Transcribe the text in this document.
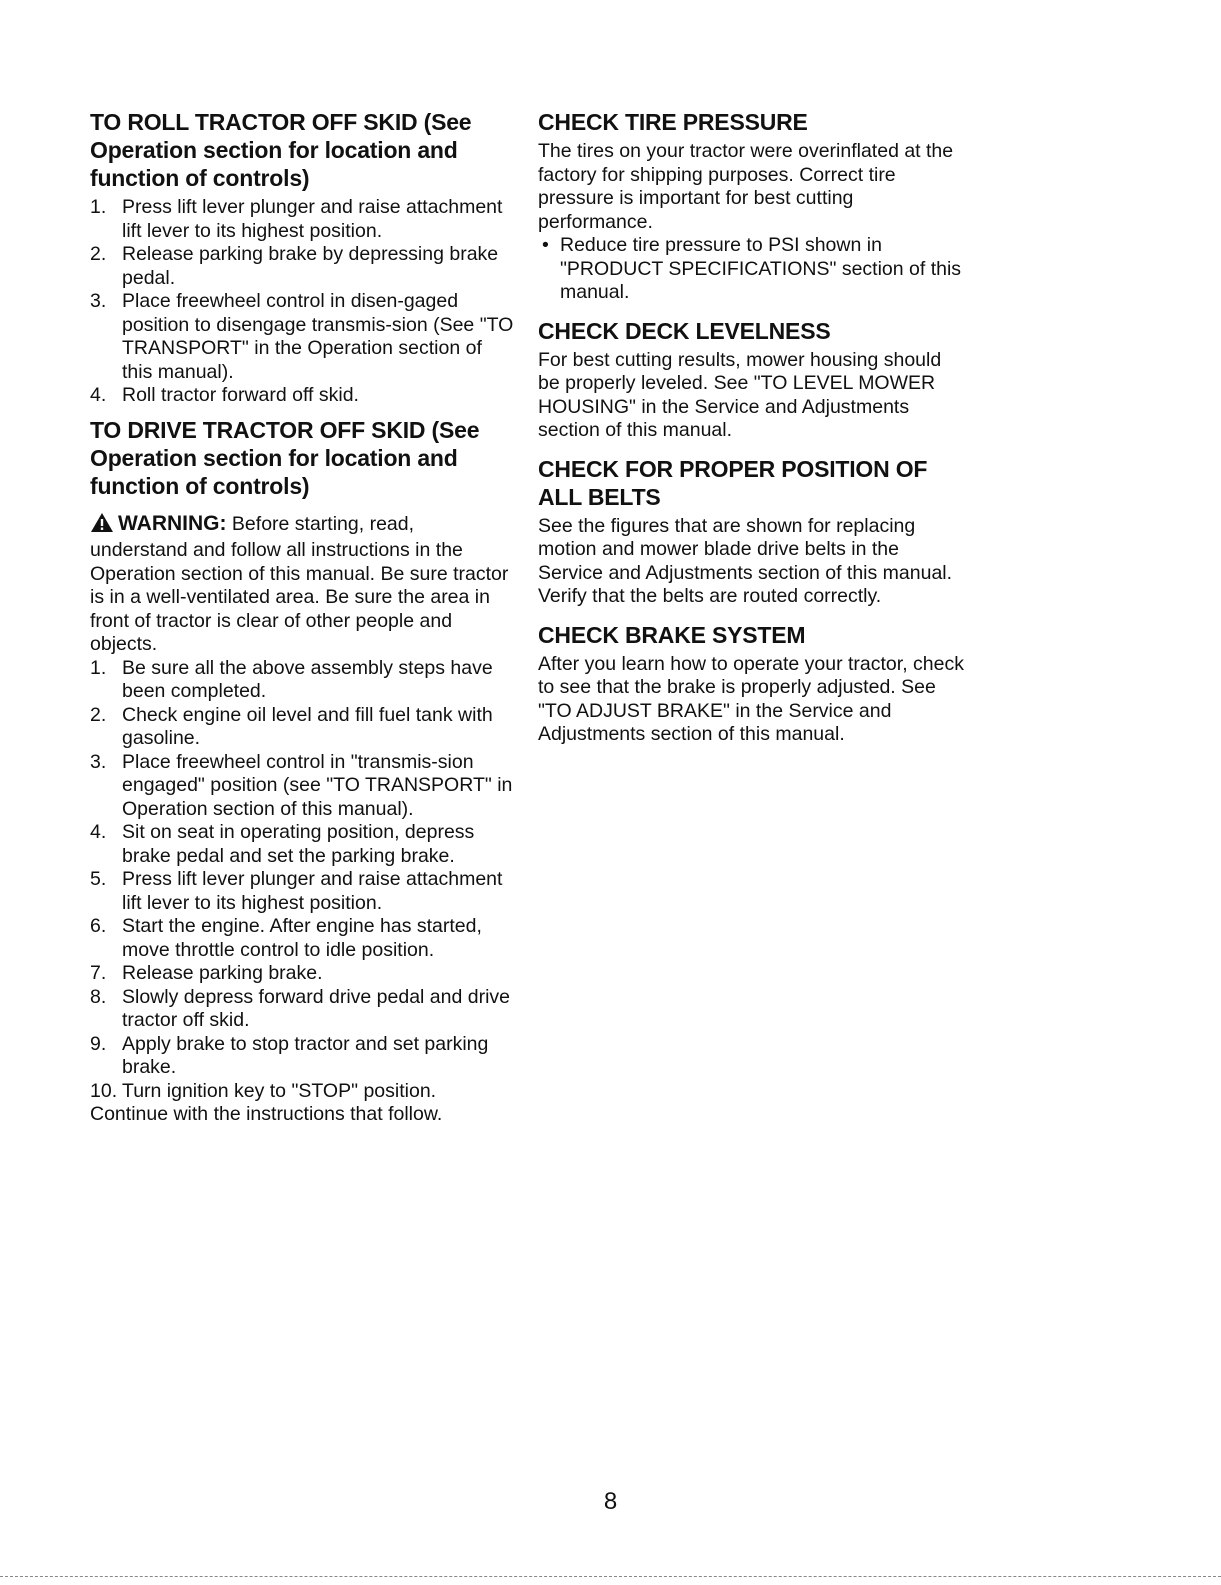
TO ROLL TRACTOR OFF SKID (See Operation section for location and function of controls)
1. Press lift lever plunger and raise attachment lift lever to its highest position.
2. Release parking brake by depressing brake pedal.
3. Place freewheel control in disen-gaged position to disengage transmis-sion (See "TO TRANSPORT" in the Operation section of this manual).
4. Roll tractor forward off skid.
TO DRIVE TRACTOR OFF SKID (See Operation section for location and function of controls)

WARNING: Before starting, read, understand and follow all instructions in the Operation section of this manual. Be sure tractor is in a well-ventilated area. Be sure the area in front of tractor is clear of other people and objects.

1. Be sure all the above assembly steps have been completed.
2. Check engine oil level and fill fuel tank with gasoline.
3. Place freewheel control in "transmis-sion engaged" position (see "TO TRANSPORT" in Operation section of this manual).
4. Sit on seat in operating position, depress brake pedal and set the parking brake.
5. Press lift lever plunger and raise attachment lift lever to its highest position.
6. Start the engine. After engine has started, move throttle control to idle position.
7. Release parking brake.
8. Slowly depress forward drive pedal and drive tractor off skid.
9. Apply brake to stop tractor and set parking brake.
10. Turn ignition key to "STOP" position.

Continue with the instructions that follow.

CHECK TIRE PRESSURE

The tires on your tractor were overinflated at the factory for shipping purposes. Correct tire pressure is important for best cutting performance.

• Reduce tire pressure to PSI shown in "PRODUCT SPECIFICATIONS" section of this manual.
CHECK DECK LEVELNESS

For best cutting results, mower housing should be properly leveled. See "TO LEVEL MOWER HOUSING" in the Service and Adjustments section of this manual.

CHECK FOR PROPER POSITION OF ALL BELTS

See the figures that are shown for replacing motion and mower blade drive belts in the Service and Adjustments section of this manual. Verify that the belts are routed correctly.

CHECK BRAKE SYSTEM

After you learn how to operate your tractor, check to see that the brake is properly adjusted. See "TO ADJUST BRAKE" in the Service and Adjustments section of this manual.

8
